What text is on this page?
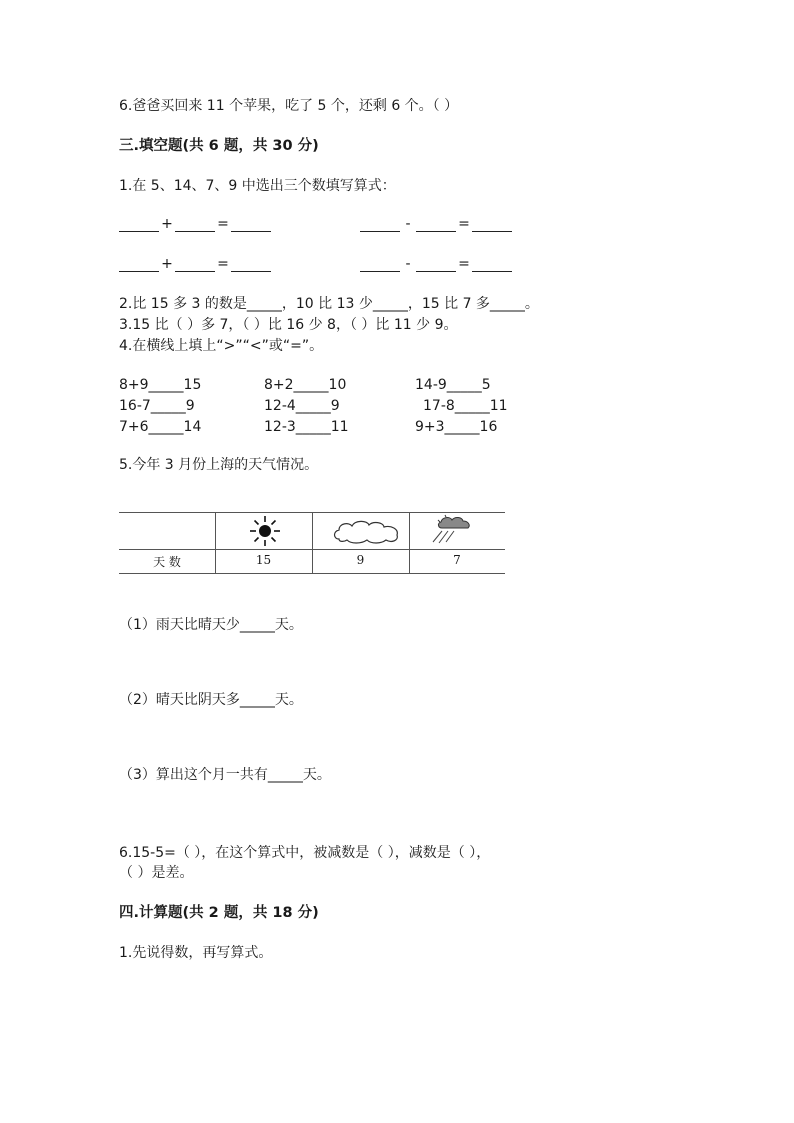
6.爸爸买回来 11 个苹果，吃了 5 个，还剩 6 个。（ ）
三.填空题(共 6 题，共 30 分)
1.在 5、14、7、9 中选出三个数填写算式：
+	=	-	=
+	=	-	=
2.比 15 多 3 的数是_____，10 比 13 少_____，15 比 7 多_____。
3.15 比（ ）多 7，（ ）比 16 少 8，（ ）比 11 少 9。
4.在横线上填上“>”“<”或“=”。
8+9_____15	8+2_____10	14-9_____5
16-7_____9	12-4_____9	17-8_____11
7+6_____14	12-3_____11	9+3_____16
5.今年 3 月份上海的天气情况。
天 数	15	9	7
（1）雨天比晴天少_____天。
（2）晴天比阴天多_____天。
（3）算出这个月一共有_____天。
6.15-5=（ ），在这个算式中，被减数是（ ），减数是（ ），
（ ）是差。
四.计算题(共 2 题，共 18 分)
1.先说得数，再写算式。
